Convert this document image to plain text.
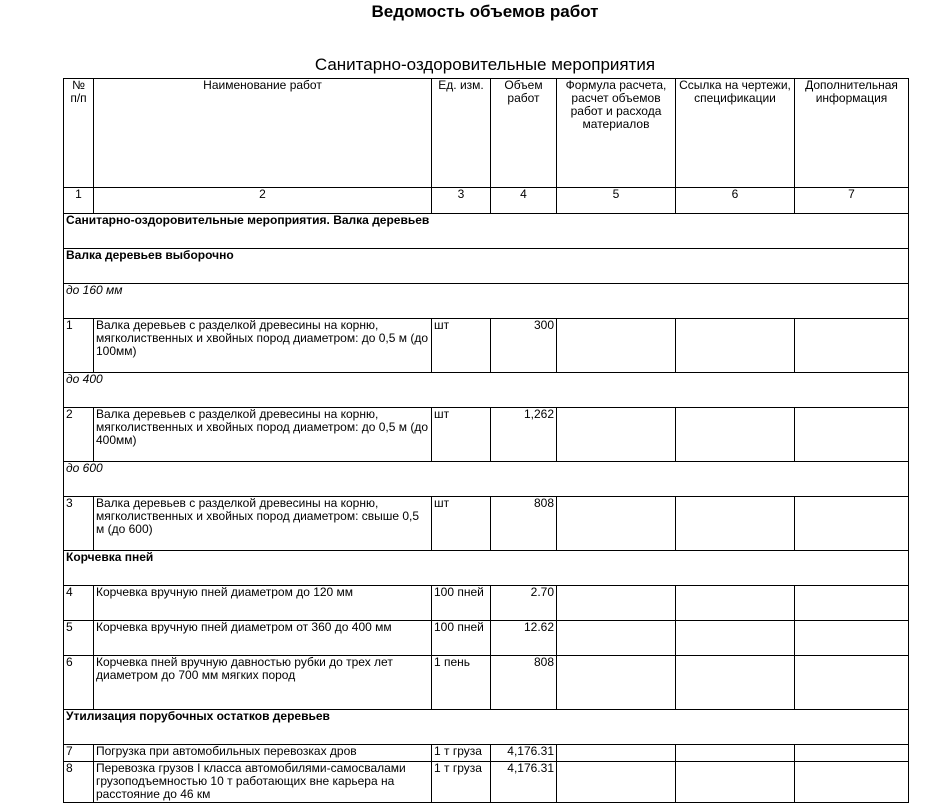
Ведомость объемов работ
Санитарно-оздоровительные мероприятия
№ п/п	Наименование работ	Ед. изм.	Объем работ	Формула расчета, расчет объемов работ и расхода материалов	Ссылка на чертежи, спецификации	Дополнительная информация
1	2	3	4	5	6	7
Санитарно-оздоровительные мероприятия. Валка деревьев						
Валка деревьев выборочно						
до 160 мм						
1	Валка деревьев с разделкой древесины на корню, мягколиственных и хвойных пород диаметром: до 0,5 м (до 100мм)	шт	300			
до 400						
2	Валка деревьев с разделкой древесины на корню, мягколиственных и хвойных пород диаметром: до 0,5 м (до 400мм)	шт	1,262			
до 600						
3	Валка деревьев с разделкой древесины на корню, мягколиственных и хвойных пород диаметром: свыше 0,5 м (до 600)	шт	808			
Корчевка пней						
4	Корчевка вручную пней диаметром до 120 мм	100 пней	2.70			
5	Корчевка вручную пней диаметром от 360 до 400 мм	100 пней	12.62			
6	Корчевка пней вручную давностью рубки до трех лет диаметром до 700 мм мягких пород	1 пень	808			
Утилизация порубочных остатков деревьев						
7	Погрузка при автомобильных перевозках дров	1 т груза	4,176.31			
8	Перевозка грузов I класса автомобилями-самосвалами грузоподъемностью 10 т работающих вне карьера на расстояние до 46 км	1 т груза	4,176.31			
